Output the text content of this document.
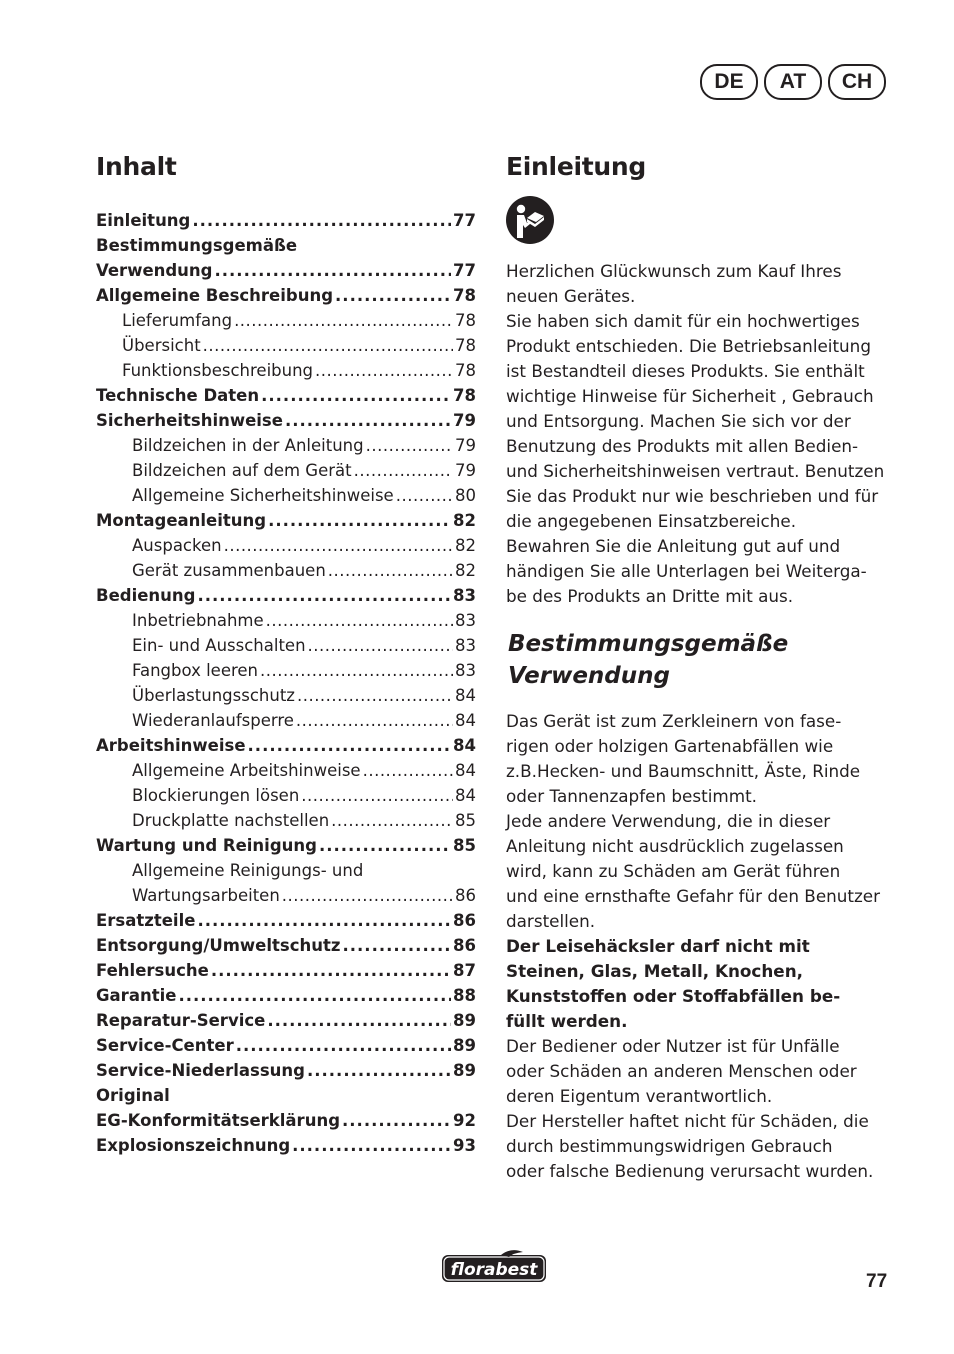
DE	AT	CH
Inhalt
Einleitung .....	77
Bestimmungsgemäße
Verwendung .....	77
Allgemeine Beschreibung .....	78
Lieferumfang .....	78
Übersicht .....	78
Funktionsbeschreibung .....	78
Technische Daten .....	78
Sicherheitshinweise .....	79
Bildzeichen in der Anleitung .....	79
Bildzeichen auf dem Gerät .....	79
Allgemeine Sicherheitshinweise .....	80
Montageanleitung .....	82
Auspacken .....	82
Gerät zusammenbauen .....	82
Bedienung .....	83
Inbetriebnahme .....	83
Ein- und Ausschalten .....	83
Fangbox leeren .....	83
Überlastungsschutz .....	84
Wiederanlaufsperre .....	84
Arbeitshinweise .....	84
Allgemeine Arbeitshinweise .....	84
Blockierungen lösen .....	84
Druckplatte nachstellen .....	85
Wartung und Reinigung .....	85
Allgemeine Reinigungs- und
Wartungsarbeiten .....	86
Ersatzteile .....	86
Entsorgung/Umweltschutz .....	86
Fehlersuche .....	87
Garantie .....	88
Reparatur-Service .....	89
Service-Center .....	89
Service-Niederlassung .....	89
Original
EG-Konformitätserklärung .....	92
Explosionszeichnung .....	93
Einleitung

Herzlichen Glückwunsch zum Kauf Ihres

neuen Gerätes.

Sie haben sich damit für ein hochwertiges

Produkt entschieden. Die Betriebsanleitung

ist Bestandteil dieses Produkts. Sie enthält

wichtige Hinweise für Sicherheit , Gebrauch

und Entsorgung. Machen Sie sich vor der

Benutzung des Produkts mit allen Bedien-

und Sicherheitshinweisen vertraut. Benutzen

Sie das Produkt nur wie beschrieben und für

die angegebenen Einsatzbereiche.

Bewahren Sie die Anleitung gut auf und

händigen Sie alle Unterlagen bei Weiterga-

be des Produkts an Dritte mit aus.

Bestimmungsgemäße
Verwendung

Das Gerät ist zum Zerkleinern von fase-

rigen oder holzigen Gartenabfällen wie

z.B.Hecken- und Baumschnitt, Äste, Rinde

oder Tannenzapfen bestimmt.

Jede andere Verwendung, die in dieser

Anleitung nicht ausdrücklich zugelassen

wird, kann zu Schäden am Gerät führen

und eine ernsthafte Gefahr für den Benutzer

darstellen.

Der Leisehäcksler darf nicht mit

Steinen, Glas, Metall, Knochen,

Kunststoffen oder Stoffabfällen be-

füllt werden.

Der Bediener oder Nutzer ist für Unfälle

oder Schäden an anderen Menschen oder

deren Eigentum verantwortlich.

Der Hersteller haftet nicht für Schäden, die

durch bestimmungswidrigen Gebrauch

oder falsche Bedienung verursacht wurden.

florabest
77
